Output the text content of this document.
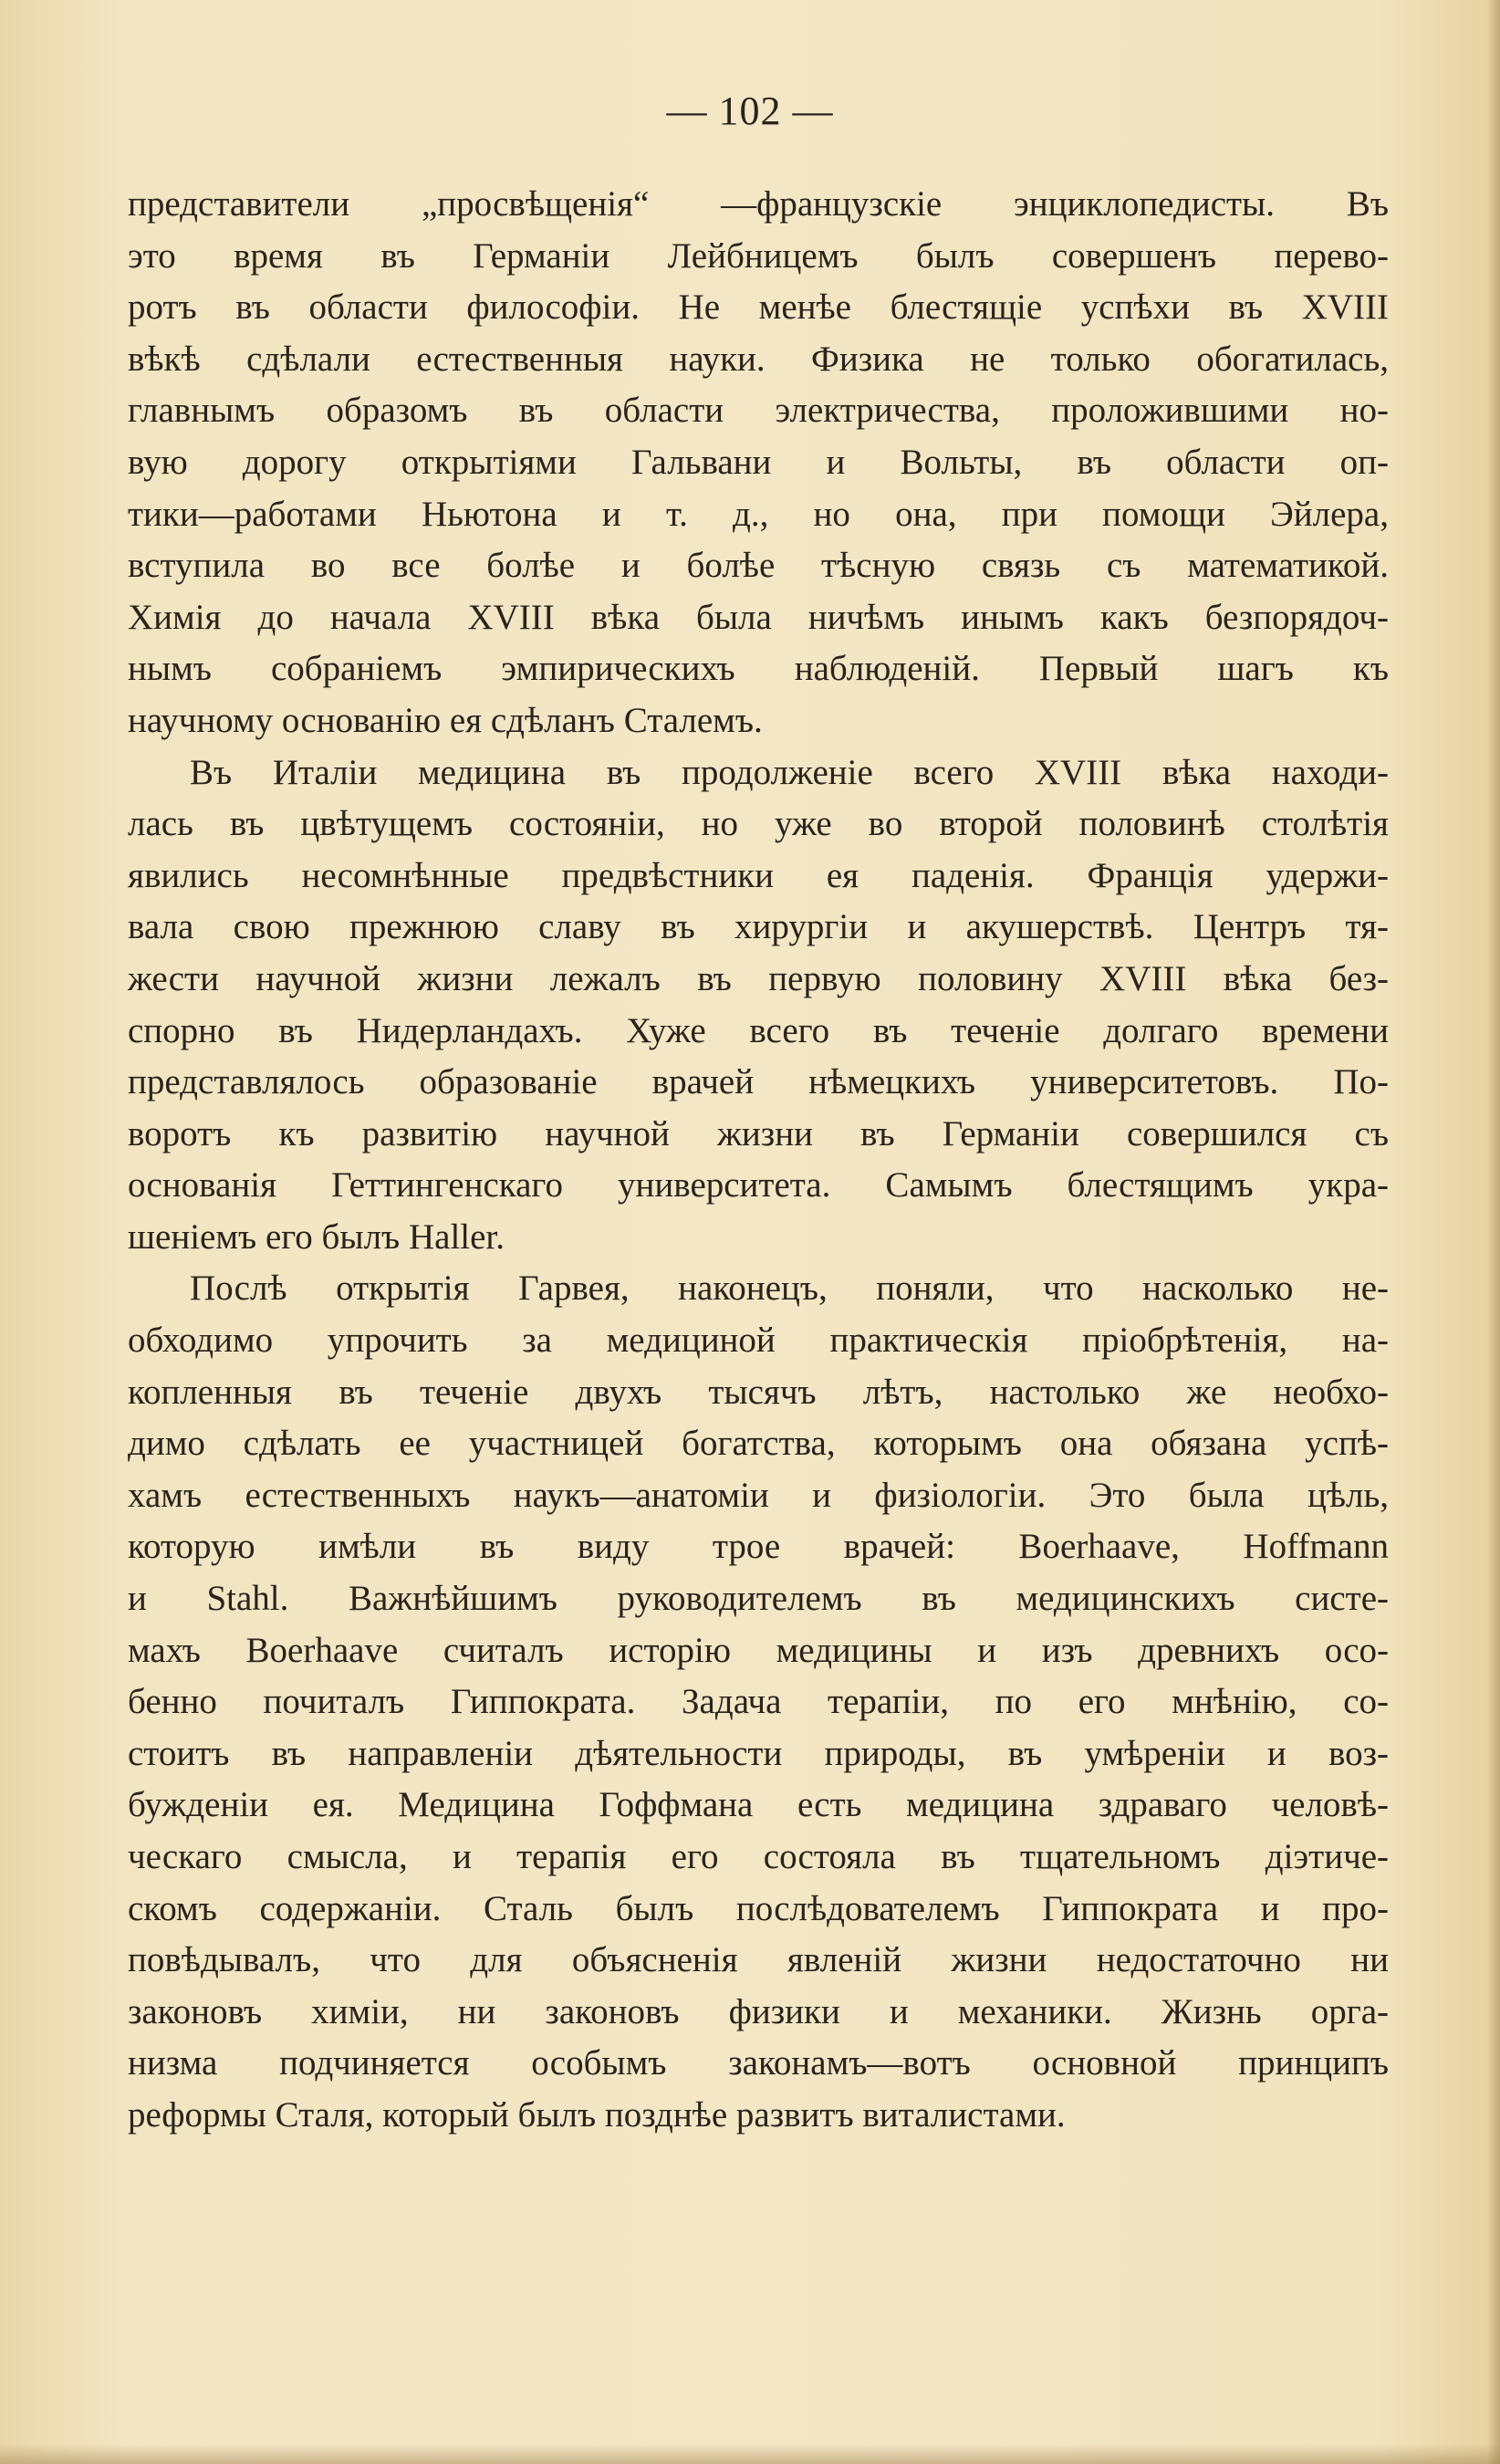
— 102 —
представители „просвѣщенія“ —французскіе энциклопедисты. Въ
это время въ Германіи Лейбницемъ былъ совершенъ перево-
ротъ въ области философіи. Не менѣе блестящіе успѣхи въ XVIII
вѣкѣ сдѣлали естественныя науки. Физика не только обогатилась,
главнымъ образомъ въ области электричества, проложившими но-
вую дорогу открытіями Гальвани и Вольты, въ области оп-
тики—работами Ньютона и т. д., но она, при помощи Эйлера,
вступила во все болѣе и болѣе тѣсную связь съ математикой.
Химія до начала XVIII вѣка была ничѣмъ инымъ какъ безпорядоч-
нымъ собраніемъ эмпирическихъ наблюденій. Первый шагъ къ
научному основанію ея сдѣланъ Сталемъ.
Въ Италіи медицина въ продолженіе всего XVIII вѣка находи-
лась въ цвѣтущемъ состояніи, но уже во второй половинѣ столѣтія
явились несомнѣнные предвѣстники ея паденія. Франція удержи-
вала свою прежнюю славу въ хирургіи и акушерствѣ. Центръ тя-
жести научной жизни лежалъ въ первую половину XVIII вѣка без-
спорно въ Нидерландахъ. Хуже всего въ теченіе долгаго времени
представлялось образованіе врачей нѣмецкихъ университетовъ. По-
воротъ къ развитію научной жизни въ Германіи совершился съ
основанія Геттингенскаго университета. Самымъ блестящимъ укра-
шеніемъ его былъ Haller.
Послѣ открытія Гарвея, наконецъ, поняли, что насколько не-
обходимо упрочить за медициной практическія пріобрѣтенія, на-
копленныя въ теченіе двухъ тысячъ лѣтъ, настолько же необхо-
димо сдѣлать ее участницей богатства, которымъ она обязана успѣ-
хамъ естественныхъ наукъ—анатоміи и физіологіи. Это была цѣль,
которую имѣли въ виду трое врачей: Boerhaave, Hoffmann
и Stahl. Важнѣйшимъ руководителемъ въ медицинскихъ систе-
махъ Boerhaave считалъ исторію медицины и изъ древнихъ осо-
бенно почиталъ Гиппократа. Задача терапіи, по его мнѣнію, со-
стоитъ въ направленіи дѣятельности природы, въ умѣреніи и воз-
бужденіи ея. Медицина Гоффмана есть медицина здраваго человѣ-
ческаго смысла, и терапія его состояла въ тщательномъ діэтиче-
скомъ содержаніи. Сталь былъ послѣдователемъ Гиппократа и про-
повѣдывалъ, что для объясненія явленій жизни недостаточно ни
законовъ химіи, ни законовъ физики и механики. Жизнь орга-
низма подчиняется особымъ законамъ—вотъ основной принципъ
реформы Сталя, который былъ позднѣе развитъ виталистами.
